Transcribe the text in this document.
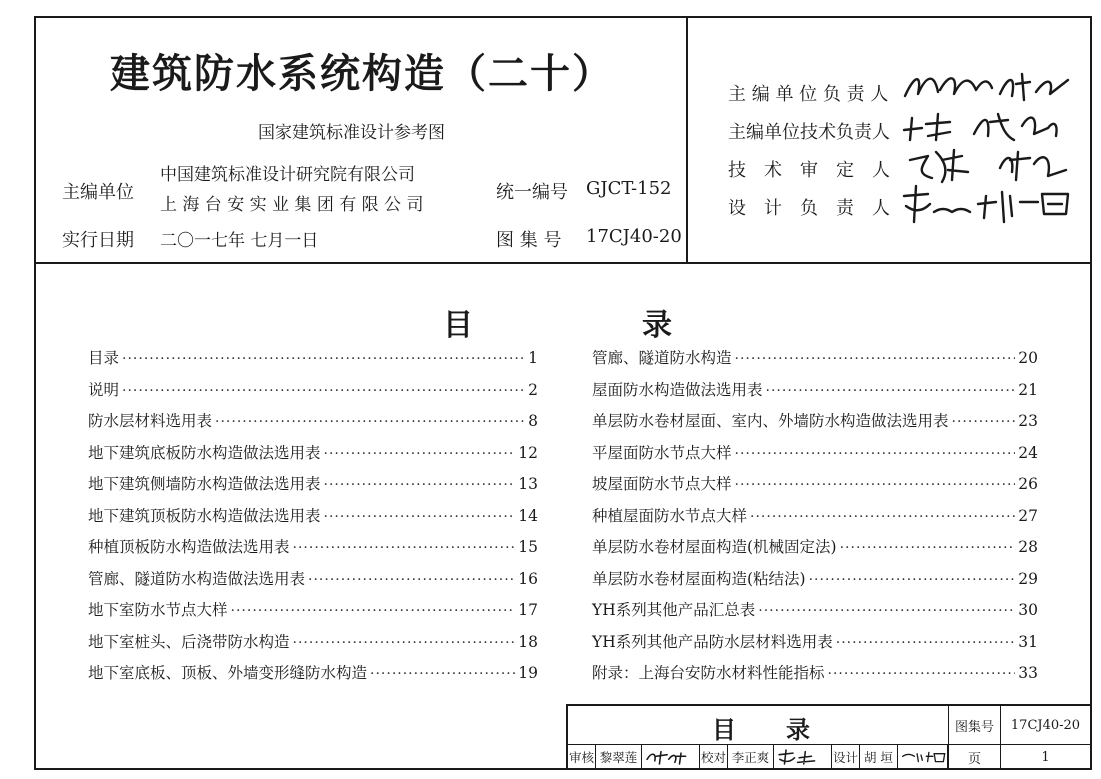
建筑防水系统构造（二十）
国家建筑标准设计参考图
主编单位
中国建筑标准设计研究院有限公司
上 海 台 安 实 业 集 团 有 限 公 司
统一编号 GJCT-152
实行日期 二〇一七年 七月一日	图 集 号 17CJ40-20
主 编 单 位 负 责 人
主编单位技术负责人
技　术　审　定　人
设　计　负　责　人
目	录
目录 ·····	1
说明 ·····	2
防水层材料选用表 ·····	8
地下建筑底板防水构造做法选用表 ·····	12
地下建筑侧墙防水构造做法选用表 ·····	13
地下建筑顶板防水构造做法选用表 ·····	14
种植顶板防水构造做法选用表 ·····	15
管廊、隧道防水构造做法选用表 ·····	16
地下室防水节点大样 ·····	17
地下室桩头、后浇带防水构造 ·····	18
地下室底板、顶板、外墙变形缝防水构造 ·····	19
管廊、隧道防水构造 ·····	20
屋面防水构造做法选用表 ·····	21
单层防水卷材屋面、室内、外墙防水构造做法选用表 ·····	23
平屋面防水节点大样 ·····	24
坡屋面防水节点大样 ·····	26
种植屋面防水节点大样 ·····	27
单层防水卷材屋面构造(机械固定法) ·····	28
单层防水卷材屋面构造(粘结法) ·····	29
YH系列其他产品汇总表 ·····	30
YH系列其他产品防水层材料选用表 ·····	31
附录：上海台安防水材料性能指标 ·····	33
目 录	图集号	17CJ40-20
页	1
审核 黎翠莲	校对 李正爽	设计 胡 垣
